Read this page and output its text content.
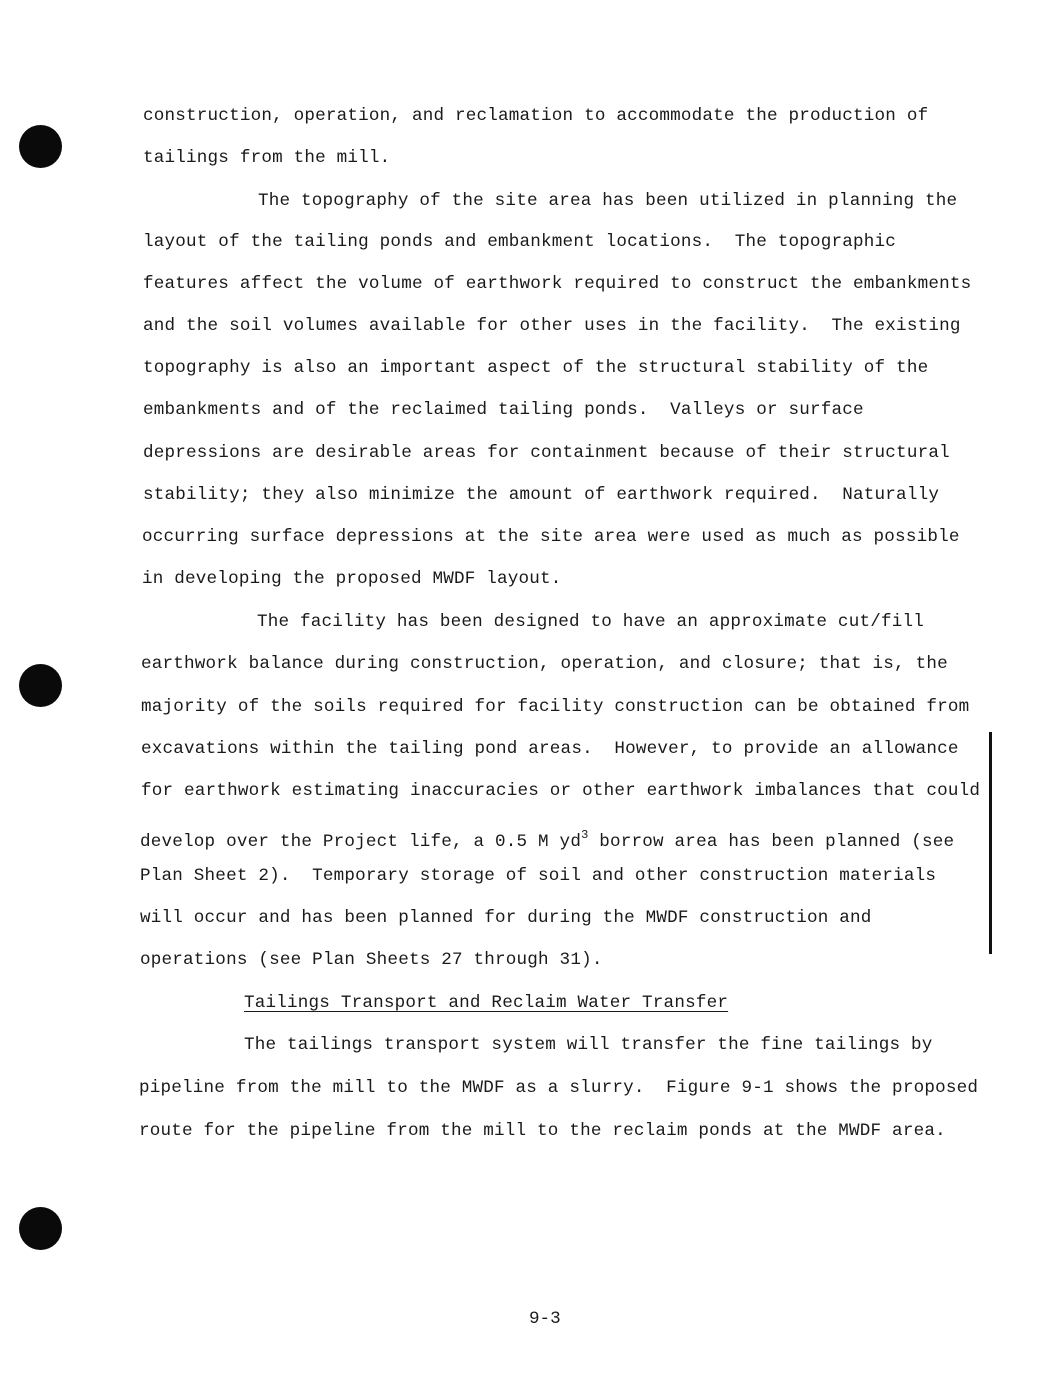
construction, operation, and reclamation to accommodate the production of
tailings from the mill.
The topography of the site area has been utilized in planning the
layout of the tailing ponds and embankment locations.  The topographic
features affect the volume of earthwork required to construct the embankments
and the soil volumes available for other uses in the facility.  The existing
topography is also an important aspect of the structural stability of the
embankments and of the reclaimed tailing ponds.  Valleys or surface
depressions are desirable areas for containment because of their structural
stability; they also minimize the amount of earthwork required.  Naturally
occurring surface depressions at the site area were used as much as possible
in developing the proposed MWDF layout.
The facility has been designed to have an approximate cut/fill
earthwork balance during construction, operation, and closure; that is, the
majority of the soils required for facility construction can be obtained from
excavations within the tailing pond areas.  However, to provide an allowance
for earthwork estimating inaccuracies or other earthwork imbalances that could
develop over the Project life, a 0.5 M $yd^3$ borrow area has been planned (see
Plan Sheet 2).  Temporary storage of soil and other construction materials
will occur and has been planned for during the MWDF construction and
operations (see Plan Sheets 27 through 31).
Tailings Transport and Reclaim Water Transfer
The tailings transport system will transfer the fine tailings by
pipeline from the mill to the MWDF as a slurry.  Figure 9-1 shows the proposed
route for the pipeline from the mill to the reclaim ponds at the MWDF area.
9-3
